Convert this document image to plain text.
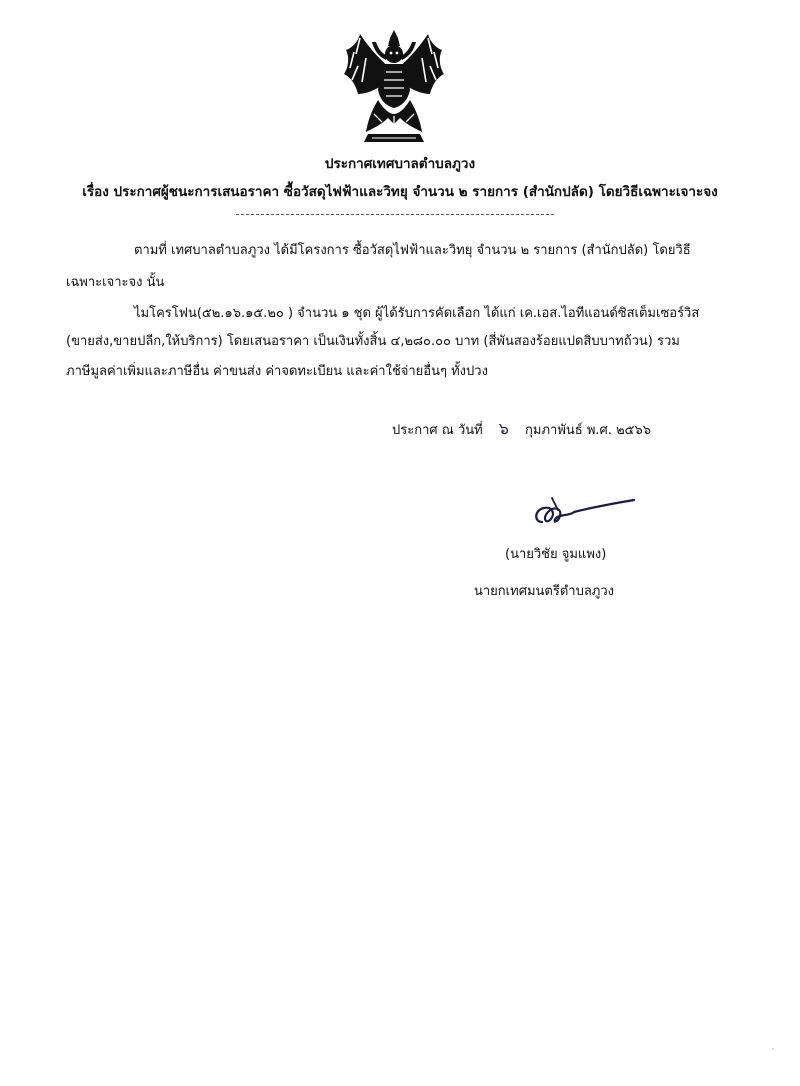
ประกาศเทศบาลตำบลภูวง
เรื่อง ประกาศผู้ชนะการเสนอราคา ซื้อวัสดุไฟฟ้าและวิทยุ จำนวน ๒ รายการ (สำนักปลัด) โดยวิธีเฉพาะเจาะจง
ตามที่ เทศบาลตำบลภูวง ได้มีโครงการ ซื้อวัสดุไฟฟ้าและวิทยุ จำนวน ๒ รายการ (สำนักปลัด) โดยวิธี
เฉพาะเจาะจง นั้น
ไมโครโฟน(๕๒.๑๖.๑๕.๒๐ ) จำนวน ๑ ชุด ผู้ได้รับการคัดเลือก ได้แก่ เค.เอส.ไอทีแอนด์ซิสเต็มเซอร์วิส
(ขายส่ง,ขายปลีก,ให้บริการ) โดยเสนอราคา เป็นเงินทั้งสิ้น ๔,๒๘๐.๐๐ บาท (สี่พันสองร้อยแปดสิบบาทถ้วน) รวม
ภาษีมูลค่าเพิ่มและภาษีอื่น ค่าขนส่ง ค่าจดทะเบียน และค่าใช้จ่ายอื่นๆ ทั้งปวง
ประกาศ ณ วันที่ ๖ กุมภาพันธ์ พ.ศ. ๒๕๖๖
(นายวิชัย จูมแพง)
นายกเทศมนตรีตำบลภูวง
